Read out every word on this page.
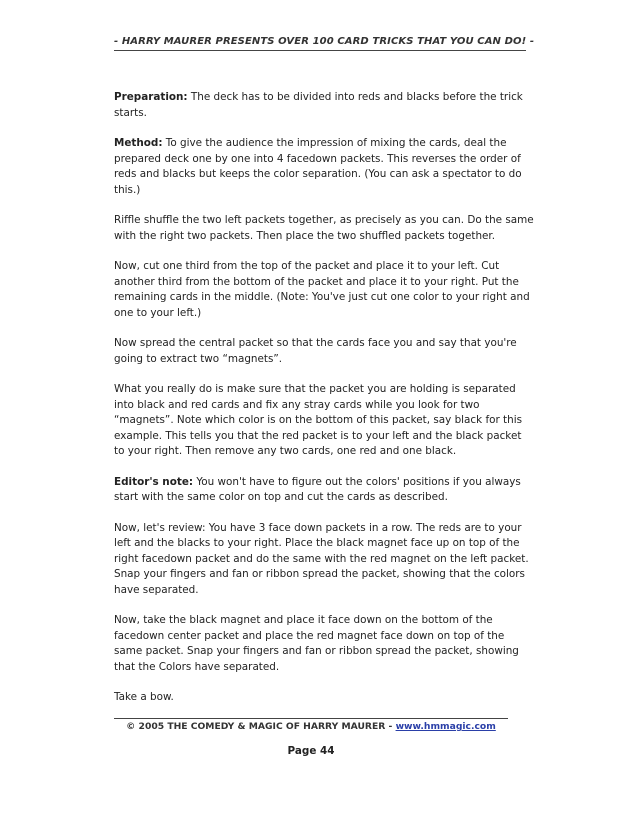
- HARRY MAURER PRESENTS OVER 100 CARD TRICKS THAT YOU CAN DO! -

Preparation: The deck has to be divided into reds and blacks before the trick starts.

Method: To give the audience the impression of mixing the cards, deal the prepared deck one by one into 4 facedown packets. This reverses the order of reds and blacks but keeps the color separation. (You can ask a spectator to do this.)

Riffle shuffle the two left packets together, as precisely as you can. Do the same with the right two packets. Then place the two shuffled packets together.

Now, cut one third from the top of the packet and place it to your left. Cut another third from the bottom of the packet and place it to your right. Put the remaining cards in the middle. (Note: You've just cut one color to your right and one to your left.)

Now spread the central packet so that the cards face you and say that you're going to extract two “magnets”.

What you really do is make sure that the packet you are holding is separated into black and red cards and fix any stray cards while you look for two “magnets”. Note which color is on the bottom of this packet, say black for this example. This tells you that the red packet is to your left and the black packet to your right. Then remove any two cards, one red and one black.

Editor's note: You won't have to figure out the colors' positions if you always start with the same color on top and cut the cards as described.

Now, let's review: You have 3 face down packets in a row. The reds are to your left and the blacks to your right. Place the black magnet face up on top of the right facedown packet and do the same with the red magnet on the left packet. Snap your fingers and fan or ribbon spread the packet, showing that the colors have separated.

Now, take the black magnet and place it face down on the bottom of the facedown center packet and place the red magnet face down on top of the same packet. Snap your fingers and fan or ribbon spread the packet, showing that the Colors have separated.

Take a bow.

© 2005 THE COMEDY & MAGIC OF HARRY MAURER - www.hmmagic.com
Page 44
